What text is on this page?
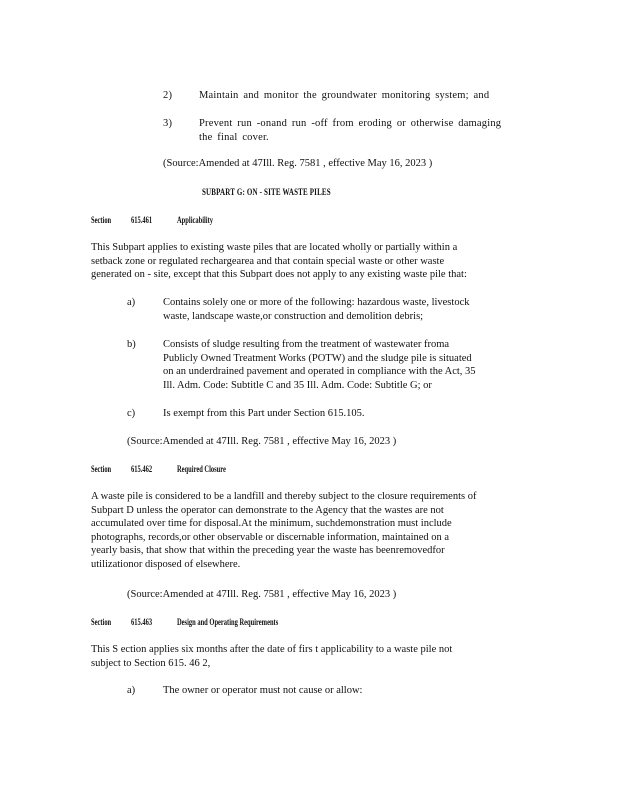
2)	Maintain and monitor the groundwater monitoring system; and
3)	Prevent run -onand run -off from eroding or otherwise damaging
the final cover.
(Source:Amended at 47Ill. Reg. 7581 , effective May 16, 2023 )
SUBPART G: ON - SITE WASTE PILES
Section 615.461	Applicability
This Subpart applies to existing waste piles that are located wholly or partially within a
setback zone or regulated rechargearea and that contain special waste or other waste
generated on - site, except that this Subpart does not apply to any existing waste pile that:
a)	Contains solely one or more of the following: hazardous waste, livestock
waste, landscape waste,or construction and demolition debris;
b)	Consists of sludge resulting from the treatment of wastewater froma
Publicly Owned Treatment Works (POTW) and the sludge pile is situated
on an underdrained pavement and operated in compliance with the Act, 35
Ill. Adm. Code: Subtitle C and 35 Ill. Adm. Code: Subtitle G; or
c)	Is exempt from this Part under Section 615.105.
(Source:Amended at 47Ill. Reg. 7581 , effective May 16, 2023 )
Section 615.462	Required Closure
A waste pile is considered to be a landfill and thereby subject to the closure requirements of
Subpart D unless the operator can demonstrate to the Agency that the wastes are not
accumulated over time for disposal.At the minimum, suchdemonstration must include
photographs, records,or other observable or discernable information, maintained on a
yearly basis, that show that within the preceding year the waste has beenremovedfor
utilizationor disposed of elsewhere.
(Source:Amended at 47Ill. Reg. 7581 , effective May 16, 2023 )
Section 615.463	Design and Operating Requirements
This S ection applies six months after the date of firs t applicability to a waste pile not
subject to Section 615. 46 2,
a)	The owner or operator must not cause or allow:
